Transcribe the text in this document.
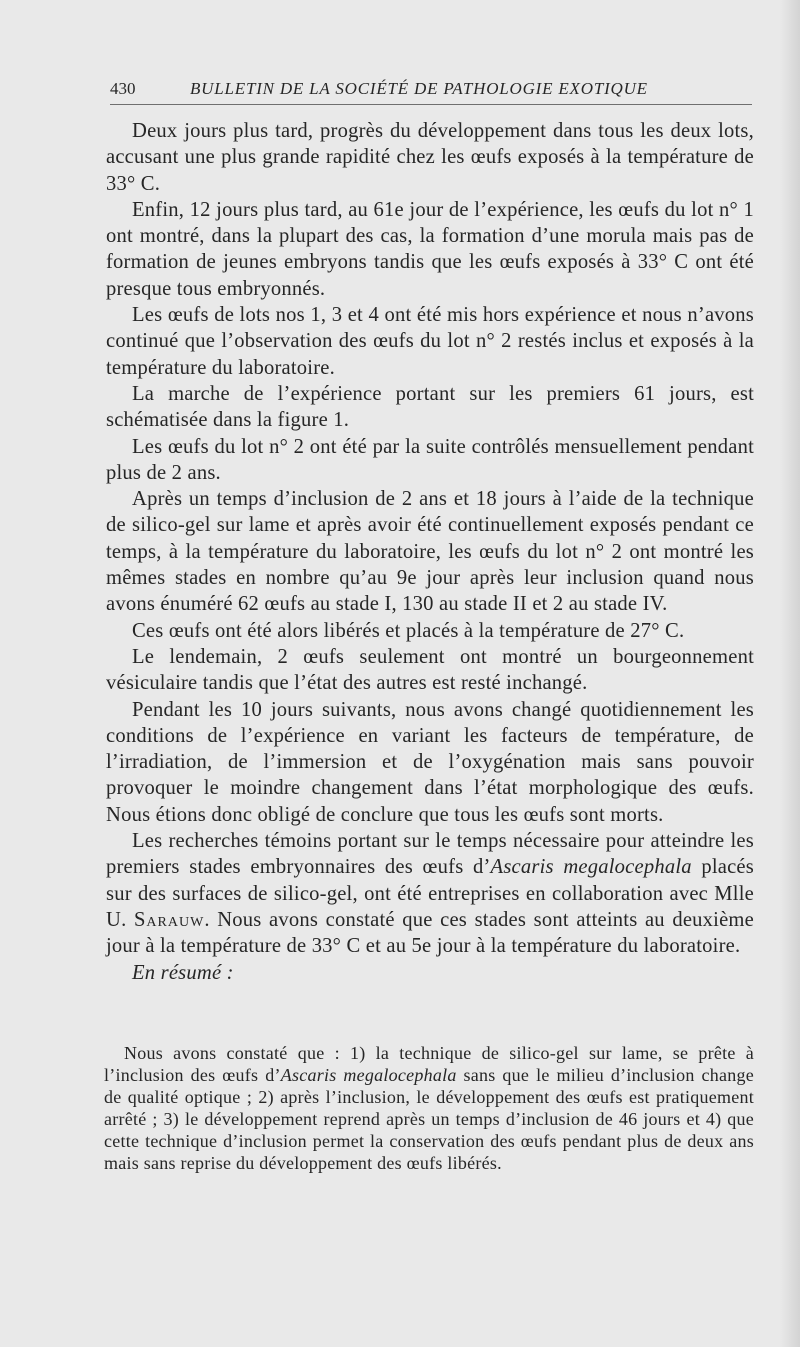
430	BULLETIN DE LA SOCIÉTÉ DE PATHOLOGIE EXOTIQUE

Deux jours plus tard, progrès du développement dans tous les deux lots, accusant une plus grande rapidité chez les œufs exposés à la température de 33° C.

Enfin, 12 jours plus tard, au 61e jour de l’expérience, les œufs du lot n° 1 ont montré, dans la plupart des cas, la formation d’une morula mais pas de formation de jeunes embryons tandis que les œufs exposés à 33° C ont été presque tous embryonnés.

Les œufs de lots nos 1, 3 et 4 ont été mis hors expérience et nous n’avons continué que l’observation des œufs du lot n° 2 restés inclus et exposés à la température du laboratoire.

La marche de l’expérience portant sur les premiers 61 jours, est schématisée dans la figure 1.

Les œufs du lot n° 2 ont été par la suite contrôlés mensuellement pendant plus de 2 ans.

Après un temps d’inclusion de 2 ans et 18 jours à l’aide de la technique de silico-gel sur lame et après avoir été continuellement exposés pendant ce temps, à la température du laboratoire, les œufs du lot n° 2 ont montré les mêmes stades en nombre qu’au 9e jour après leur inclusion quand nous avons énuméré 62 œufs au stade I, 130 au stade II et 2 au stade IV.

Ces œufs ont été alors libérés et placés à la température de 27° C.

Le lendemain, 2 œufs seulement ont montré un bourgeonnement vésiculaire tandis que l’état des autres est resté inchangé.

Pendant les 10 jours suivants, nous avons changé quotidiennement les conditions de l’expérience en variant les facteurs de température, de l’irradiation, de l’immersion et de l’oxygénation mais sans pouvoir provoquer le moindre changement dans l’état morphologique des œufs. Nous étions donc obligé de conclure que tous les œufs sont morts.

Les recherches témoins portant sur le temps nécessaire pour atteindre les premiers stades embryonnaires des œufs d’Ascaris megalocephala placés sur des surfaces de silico-gel, ont été entreprises en collaboration avec Mlle U. Sarauw. Nous avons constaté que ces stades sont atteints au deuxième jour à la température de 33° C et au 5e jour à la température du laboratoire.

En résumé :

Nous avons constaté que : 1) la technique de silico-gel sur lame, se prête à l’inclusion des œufs d’Ascaris megalocephala sans que le milieu d’inclusion change de qualité optique ; 2) après l’inclusion, le développement des œufs est pratiquement arrêté ; 3) le développement reprend après un temps d’inclusion de 46 jours et 4) que cette technique d’inclusion permet la conservation des œufs pendant plus de deux ans mais sans reprise du développement des œufs libérés.
